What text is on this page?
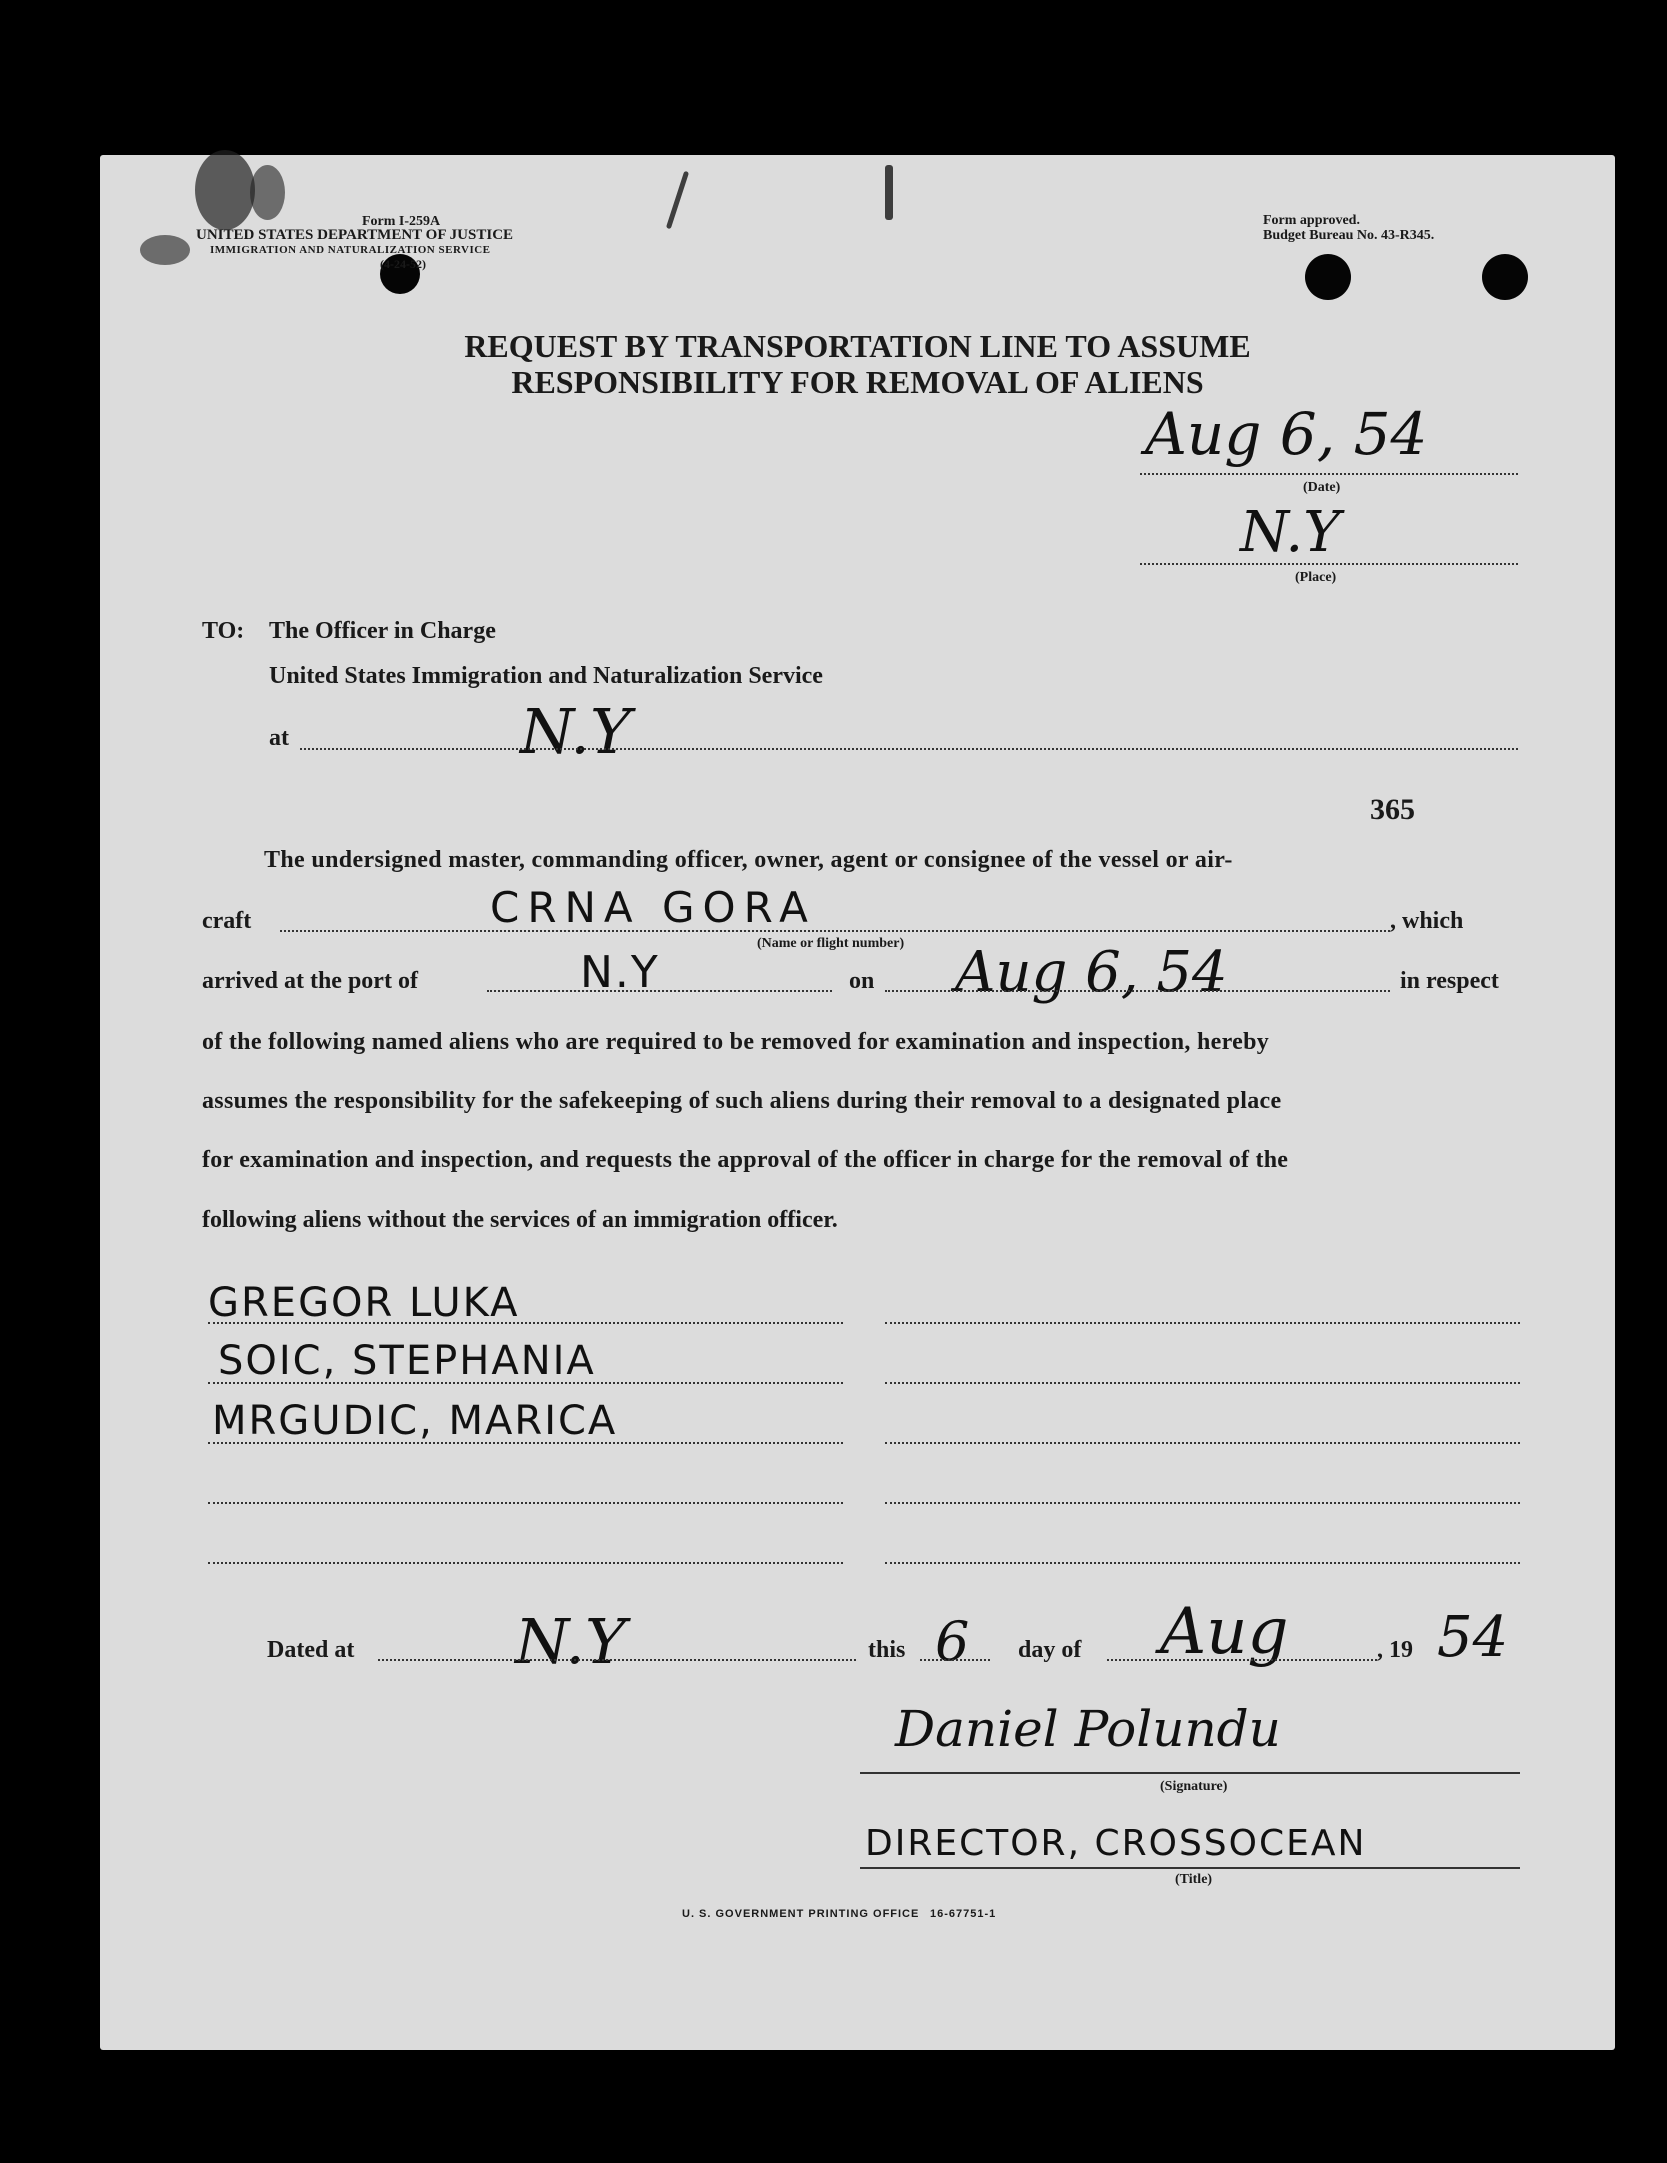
Form I-259A
UNITED STATES DEPARTMENT OF JUSTICE
IMMIGRATION AND NATURALIZATION SERVICE
(4-24-52)
Form approved.
Budget Bureau No. 43-R345.
REQUEST BY TRANSPORTATION LINE TO ASSUME
RESPONSIBILITY FOR REMOVAL OF ALIENS
Aug 6, 54
(Date)
N.Y
(Place)
TO: The Officer in Charge
United States Immigration and Naturalization Service
at	N.Y
365
The undersigned master, commanding officer, owner, agent or consignee of the vessel or air-
craft	CRNA GORA
(Name or flight number)
, which
arrived at the port of	N.Y	on Aug 6, 54	in respect
of the following named aliens who are required to be removed for examination and inspection, hereby
assumes the responsibility for the safekeeping of such aliens during their removal to a designated place
for examination and inspection, and requests the approval of the officer in charge for the removal of the
following aliens without the services of an immigration officer.
GREGOR LUKA
SOIC, STEPHANIA
MRGUDIC, MARICA
Dated at	N.Y	this 6 day of Aug	, 19 54
Daniel Polundu
(Signature)
DIRECTOR, CROSSOCEAN
(Title)
U. S. GOVERNMENT PRINTING OFFICE 16-67751-1
